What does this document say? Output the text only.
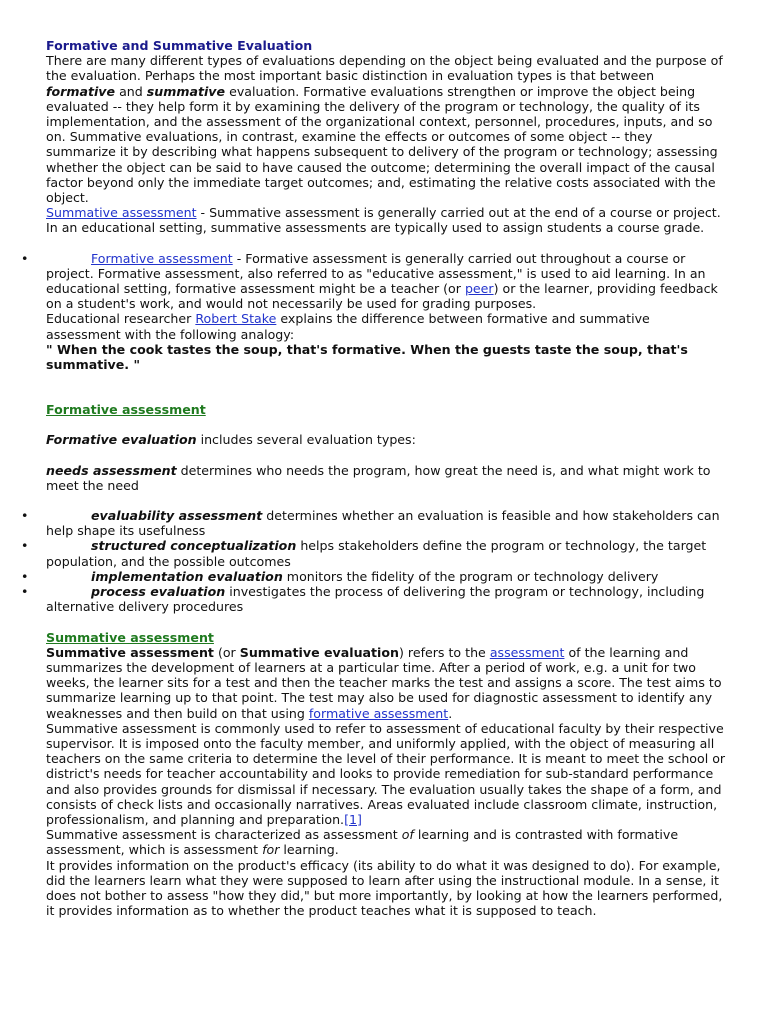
Formative and Summative Evaluation

There are many different types of evaluations depending on the object being evaluated and the purpose of the evaluation. Perhaps the most important basic distinction in evaluation types is that between formative and summative evaluation. Formative evaluations strengthen or improve the object being evaluated -- they help form it by examining the delivery of the program or technology, the quality of its implementation, and the assessment of the organizational context, personnel, procedures, inputs, and so on. Summative evaluations, in contrast, examine the effects or outcomes of some object -- they summarize it by describing what happens subsequent to delivery of the program or technology; assessing whether the object can be said to have caused the outcome; determining the overall impact of the causal factor beyond only the immediate target outcomes; and, estimating the relative costs associated with the object.

Summative assessment - Summative assessment is generally carried out at the end of a course or project. In an educational setting, summative assessments are typically used to assign students a course grade.

•	Formative assessment - Formative assessment is generally carried out throughout a course or project. Formative assessment, also referred to as "educative assessment," is used to aid learning. In an educational setting, formative assessment might be a teacher (or peer) or the learner, providing feedback on a student's work, and would not necessarily be used for grading purposes.

Educational researcher Robert Stake explains the difference between formative and summative assessment with the following analogy:

" When the cook tastes the soup, that's formative. When the guests taste the soup, that's summative. "

Formative assessment

Formative evaluation includes several evaluation types:

needs assessment determines who needs the program, how great the need is, and what might work to meet the need

•	evaluability assessment determines whether an evaluation is feasible and how stakeholders can help shape its usefulness

•	structured conceptualization helps stakeholders define the program or technology, the target population, and the possible outcomes

•	implementation evaluation monitors the fidelity of the program or technology delivery

•	process evaluation investigates the process of delivering the program or technology, including alternative delivery procedures

Summative assessment

Summative assessment (or Summative evaluation) refers to the assessment of the learning and summarizes the development of learners at a particular time. After a period of work, e.g. a unit for two weeks, the learner sits for a test and then the teacher marks the test and assigns a score. The test aims to summarize learning up to that point. The test may also be used for diagnostic assessment to identify any weaknesses and then build on that using formative assessment.

Summative assessment is commonly used to refer to assessment of educational faculty by their respective supervisor. It is imposed onto the faculty member, and uniformly applied, with the object of measuring all teachers on the same criteria to determine the level of their performance. It is meant to meet the school or district's needs for teacher accountability and looks to provide remediation for sub-standard performance and also provides grounds for dismissal if necessary. The evaluation usually takes the shape of a form, and consists of check lists and occasionally narratives. Areas evaluated include classroom climate, instruction, professionalism, and planning and preparation.[1]

Summative assessment is characterized as assessment of learning and is contrasted with formative assessment, which is assessment for learning.

It provides information on the product's efficacy (its ability to do what it was designed to do). For example, did the learners learn what they were supposed to learn after using the instructional module. In a sense, it does not bother to assess "how they did," but more importantly, by looking at how the learners performed, it provides information as to whether the product teaches what it is supposed to teach.
